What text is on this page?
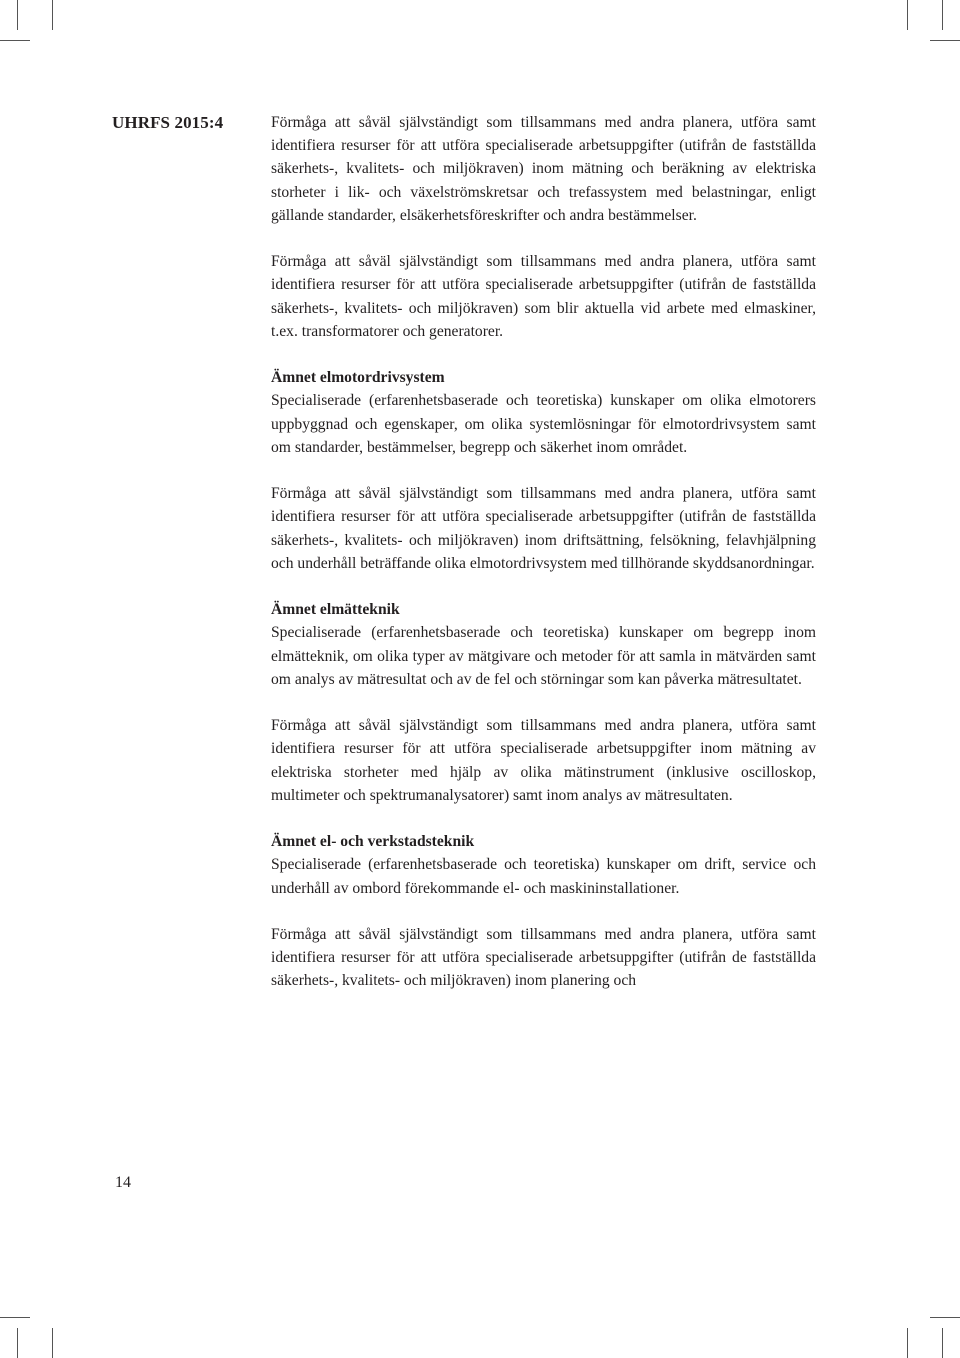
UHRFS 2015:4	Förmåga att såväl självständigt som tillsammans med andra planera, utföra samt identifiera resurser för att utföra specialiserade arbetsuppgifter (utifrån de fastställda säkerhets-, kvalitets- och miljökraven) inom mätning och beräkning av elektriska storheter i lik- och växelströmskretsar och trefassystem med belastningar, enligt gällande standarder, elsäkerhetsföreskrifter och andra bestämmelser.

Förmåga att såväl självständigt som tillsammans med andra planera, utföra samt identifiera resurser för att utföra specialiserade arbetsuppgifter (utifrån de fastställda säkerhets-, kvalitets- och miljökraven) som blir aktuella vid arbete med elmaskiner, t.ex. transformatorer och generatorer.

Ämnet elmotordrivsystem

Specialiserade (erfarenhetsbaserade och teoretiska) kunskaper om olika elmotorers uppbyggnad och egenskaper, om olika systemlösningar för elmotordrivsystem samt om standarder, bestämmelser, begrepp och säkerhet inom området.

Förmåga att såväl självständigt som tillsammans med andra planera, utföra samt identifiera resurser för att utföra specialiserade arbetsuppgifter (utifrån de fastställda säkerhets-, kvalitets- och miljökraven) inom driftsättning, felsökning, felavhjälpning och underhåll beträffande olika elmotordrivsystem med tillhörande skyddsanordningar.

Ämnet elmätteknik

Specialiserade (erfarenhetsbaserade och teoretiska) kunskaper om begrepp inom elmätteknik, om olika typer av mätgivare och metoder för att samla in mätvärden samt om analys av mätresultat och av de fel och störningar som kan påverka mätresultatet.

Förmåga att såväl självständigt som tillsammans med andra planera, utföra samt identifiera resurser för att utföra specialiserade arbetsuppgifter inom mätning av elektriska storheter med hjälp av olika mätinstrument (inklusive oscilloskop, multimeter och spektrumanalysatorer) samt inom analys av mätresultaten.

Ämnet el- och verkstadsteknik

Specialiserade (erfarenhetsbaserade och teoretiska) kunskaper om drift, service och underhåll av ombord förekommande el- och maskininstallationer.

Förmåga att såväl självständigt som tillsammans med andra planera, utföra samt identifiera resurser för att utföra specialiserade arbetsuppgifter (utifrån de fastställda säkerhets-, kvalitets- och miljökraven) inom planering och

14
